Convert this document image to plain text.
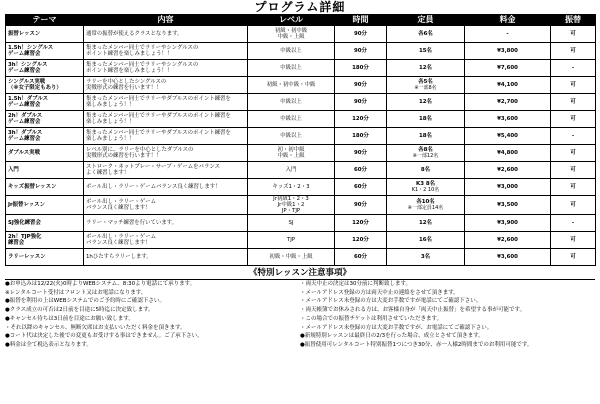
プログラム詳細
テーマ	内容	レベル	時間	定員	料金	振替

振替レッスン	通常の振替が使えるクラスとなります。	初級・初中級
中級・上級	90分	各6名	-	可

1.5h！シングルス
ゲーム練習会	集まったメンバー同士でラリーやシングルスの
ポイント練習を楽しみましょう！！	中級以上	90分	15名	¥3,800	可

3h！シングルス
ゲーム練習会	集まったメンバー同士でラリーやシングルスの
ポイント練習を楽しみましょう！！	中級以上	180分	12名	¥7,600	-

シングルス実戦
（※女子限定もあり）	ラリーを中心としたシングルスの
実戦形式の練習を行います！！	初級・初中級・中級	90分	各5名
※一部8名	¥4,100	可

1.5h！ダブルス
ゲーム練習会	集まったメンバー同士でラリーやダブルスのポイント練習を
楽しみましょう！！	中級以上	90分	12名	¥2,700	可

2h！ダブルス
ゲーム練習会	集まったメンバー同士でラリーやダブルスのポイント練習を
楽しみましょう！！	中級以上	120分	18名	¥3,600	可

3h！ダブルス
ゲーム練習会	集まったメンバー同士でラリーやダブルスのポイント練習を
楽しみましょう！！	中級以上	180分	18名	¥5,400	-

ダブルス実戦	レベル別に、ラリーを中心としたダブルスの
実戦形式の練習を行います！！	初・初中級
中級・上級	90分	各8名
※一部12名	¥4,800	可

入門	ストローク・ネットプレー・サーブ・ゲームをバランス
よく練習します！	入門	60分	8名	¥2,600	可

キッズ振替レッスン	ボール出し・ラリー・ゲームバランス良く練習します！	キッズ1・2・3	60分	K3 8名
K1・2 10名	¥3,000	可

Jr振替レッスン	ボール出し・ラリー・ゲーム
バランス良く練習します！	Jr初級1・2・3
Jr中級1・2
JP・TJP	90分	各10名
※一部定員14名	¥3,500	可

SJ強化練習会	ラリー・マッチ練習を行いています。	SJ	120分	12名	¥3,900	-

2h！TJP強化
練習会	ボール出し・ラリー・ゲーム
バランス良く練習します！	TJP	120分	16名	¥2,600	可

ラリーレッスン	1hひたすらラリーします。	初級・中級・上級	60分	3名	¥3,600	可
《特別レッスン注意事項》
●お申込みは12/22(火)0時よりWEBシステム、8:30より電話にて承ります。
※レンタルコート受付はフロント又はお電話になります。
●振替を利用の上はWEBシステムでのご予約時にご確認下さい。
●クラス成立の可否は2日前を目途に5時迄に決定致します。
●キャンセル待ちは3日前を目途にお願い致します。
・それ以降のキャンセル、無断欠席はお支払いいただく料金を頂きます。
●コート代は決定した後での変更もお受けする事はできません。ご了承下さい。
●料金は全て税込表示となります。
・両天中止の決定は30分前に判断致します。
・メールアドレス登録の方は両天中止の連絡をさせて頂きます。
・メールアドレス未登録の方は大変お手数ですが電話にてご確認下さい。
・両天帳簿でお休みされる方は、お客様自身が「両天中止振替」を希望する事が可能です。
・この場合での振替チケットは利用させていただきます。
・メールアドレス未登録の方は大変お手数ですが、お電話にてご確認下さい。
●新規特別レッスンは最終日の2/3を行った場合、成立とさせて頂きます。
●振替使用可レンタルコート特別振替1つにつき30分、赤一人様2時間までのお利用可能です。
